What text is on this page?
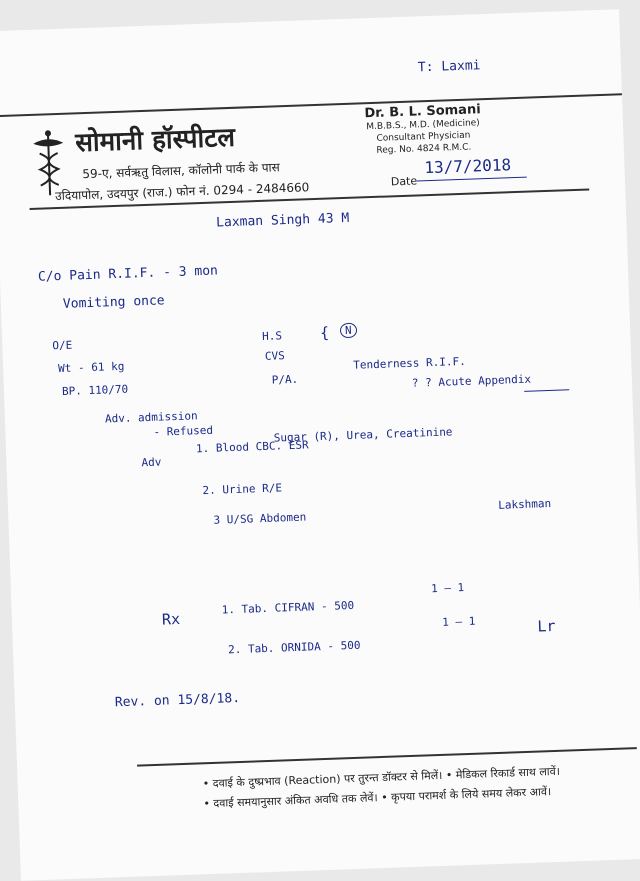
सोमानी हॉस्पीटल
59-ए, सर्वऋतु विलास, कॉलोनी पार्क के पास
उदियापोल, उदयपुर (राज.) फोन नं. 0294 - 2484660
Dr. B. L. Somani
M.B.B.S., M.D. (Medicine)
Consultant Physician
Reg. No. 4824 R.M.C.
Date
13/7/2018
T: Laxmi
Laxman Singh 43 M
C/o Pain R.I.F. - 3 mon
Vomiting once
O/E
Wt - 61 kg
BP. 110/70
H.S
CVS
{	N
P/A.
Tenderness R.I.F.
? ? Acute Appendix
Adv. admission
- Refused
Adv
1. Blood CBC. ESR
Sugar (R), Urea, Creatinine
2. Urine R/E
3 U/SG Abdomen
Lakshman
Rx
1. Tab. CIFRAN - 500
1 — 1
2. Tab. ORNIDA - 500
1 — 1	Lr
Rev. on 15/8/18.
• दवाई के दुष्प्रभाव (Reaction) पर तुरन्त डॉक्टर से मिलें। • मेडिकल रिकार्ड साथ लावें।
• दवाई समयानुसार अंकित अवधि तक लेवें। • कृपया परामर्श के लिये समय लेकर आवें।
